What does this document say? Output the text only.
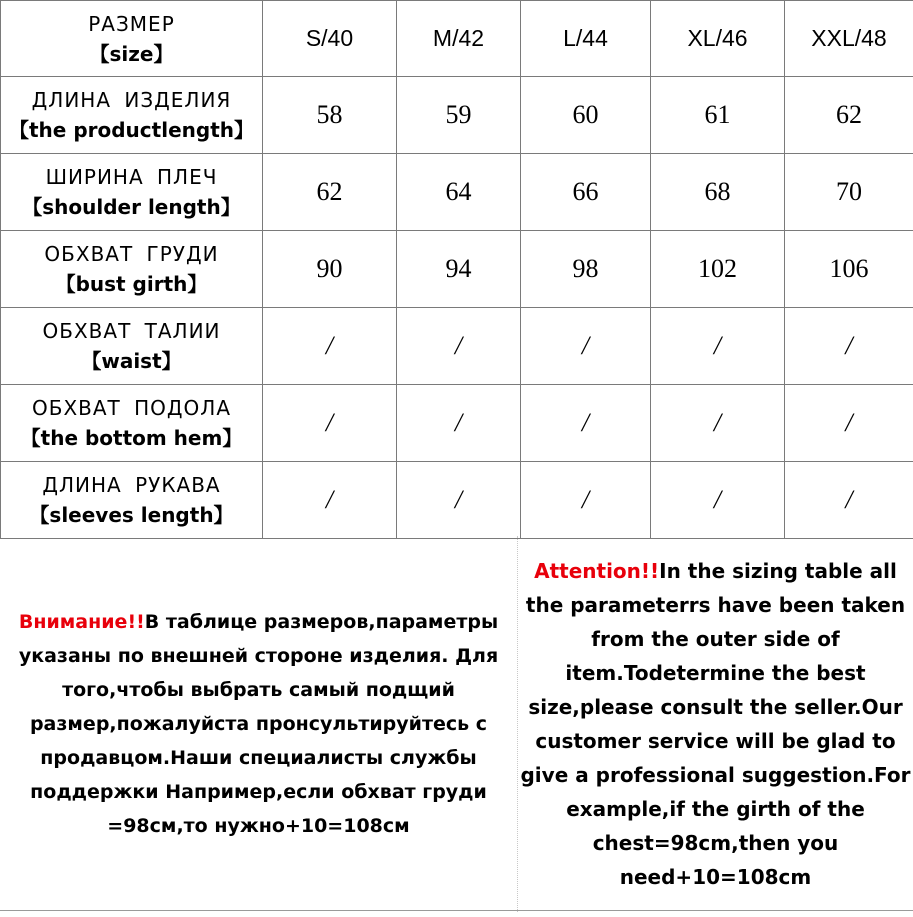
РАЗМЕР
【size】	S/40	M/42	L/44	XL/46	XXL/48

ДЛИНА ИЗДЕЛИЯ
【the productlength】	58	59	60	61	62

ШИРИНА ПЛЕЧ
【shoulder length】	62	64	66	68	70

ОБХВАТ ГРУДИ
【bust girth】	90	94	98	102	106

ОБХВАТ ТАЛИИ
【waist】	/	/	/	/	/

ОБХВАТ ПОДОЛА
【the bottom hem】	/	/	/	/	/

ДЛИНА РУКАВА
【sleeves length】	/	/	/	/	/

Внимание!!В таблице размеров,параметры указаны по внешней стороне изделия. Для того,чтобы выбрать самый подщий размер,пожалуйста пронсультируйтесь с продавцом.Наши специалисты службы поддержки Например,если обхват груди =98см,то нужно+10=108см

Attention!!In the sizing table all the parameterrs have been taken from the outer side of item.Todetermine the best size,please consult the seller.Our customer service will be glad to give a professional suggestion.For example,if the girth of the chest=98cm,then you need+10=108cm
